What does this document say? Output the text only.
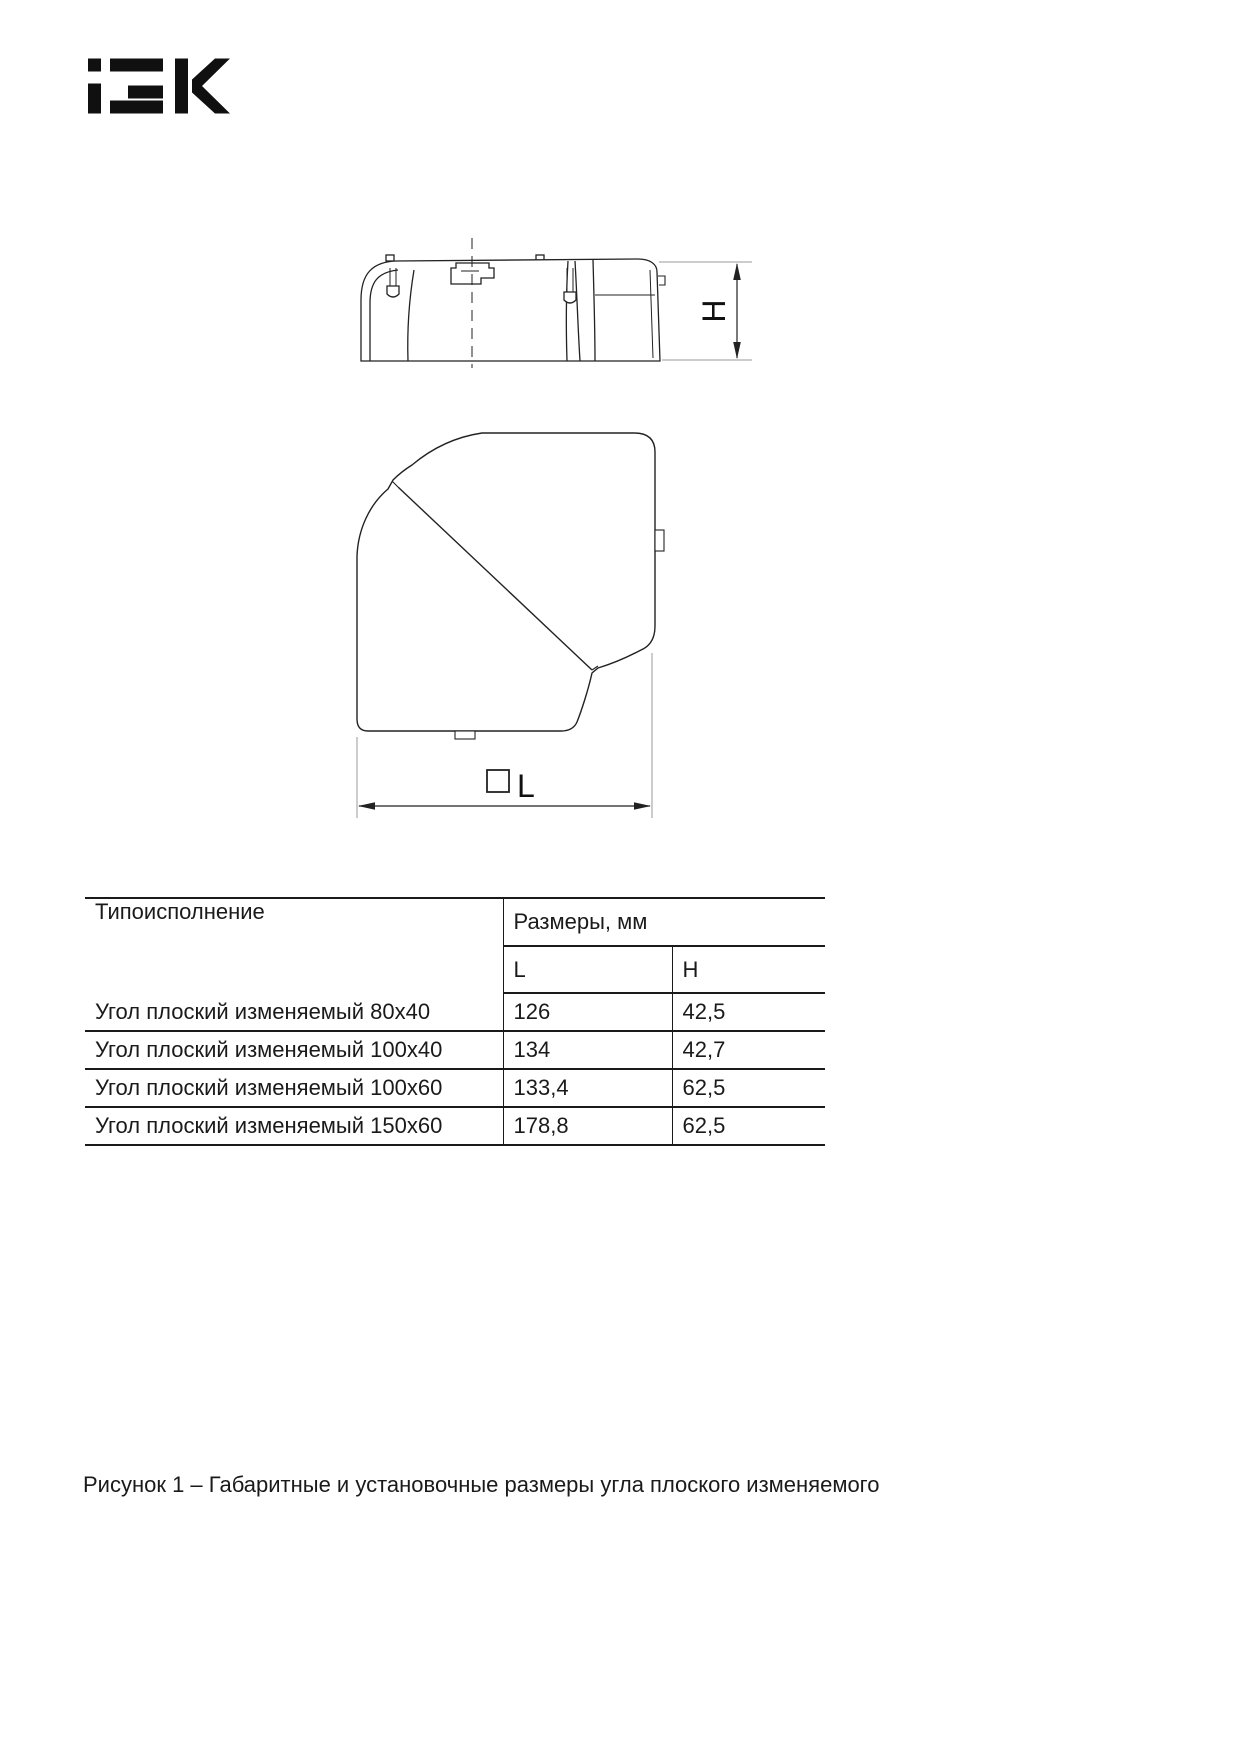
H
L
Типоисполнение	Размеры, мм	
	L	H
Угол плоский изменяемый 80x40	126	42,5
Угол плоский изменяемый 100x40	134	42,7
Угол плоский изменяемый 100x60	133,4	62,5
Угол плоский изменяемый 150x60	178,8	62,5
Рисунок 1 – Габаритные и установочные размеры угла плоского изменяемого
